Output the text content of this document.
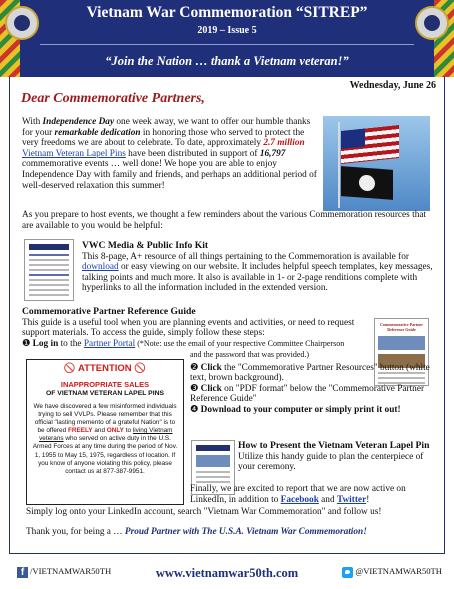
Vietnam War Commemoration “SITREP”
2019 – Issue 5
“Join the Nation … thank a Vietnam veteran!”
Wednesday, June 26
Dear Commemorative Partners,
With Independence Day one week away, we want to offer our humble thanks for your remarkable dedication in honoring those who served to protect the very freedoms we are about to celebrate. To date, approximately 2.7 million Vietnam Veteran Lapel Pins have been distributed in support of 16,797 commemorative events … well done! We hope you are able to enjoy Independence Day with family and friends, and perhaps an additional period of well-deserved relaxation this summer!
As you prepare to host events, we thought a few reminders about the various Commemoration resources that are available to you would be helpful:
VWC Media & Public Info Kit
This 8-page, A+ resource of all things pertaining to the Commemoration is available for download or easy viewing on our website. It includes helpful speech templates, key messages, talking points and much more. It also is available in 1- or 2-page renditions complete with hyperlinks to all the information included in the extended version.
Commemorative Partner Reference Guide
This guide is a useful tool when you are planning events and activities, or need to request support materials. To access the guide, simply follow these steps:
❶ Log in to the Partner Portal (*Note: use the email of your respective Committee Chairperson
Commemorative Partner Reference Guide
🚫 ATTENTION 🚫
INAPPROPRIATE SALES
OF VIETNAM VETERAN LAPEL PINS
We have discovered a few misinformed individuals trying to sell VVLPs. Please remember that this official "lasting memento of a grateful Nation" is to be offered FREELY and ONLY to living Vietnam veterans who served on active duty in the U.S. Armed Forces at any time during the period of Nov. 1, 1955 to May 15, 1975, regardless of location. If you know of anyone violating this policy, please contact us at 877-387-9951.
and the password that was provided.)
❷ Click the "Commemorative Partner Resources" button (white text, brown background).
❸ Click on "PDF format" below the "Commemorative Partner Reference Guide"
❹ Download to your computer or simply print it out!
How to Present the Vietnam Veteran Lapel Pin
Utilize this handy guide to plan the centerpiece of your ceremony.
Finally, we are excited to report that we are now active on LinkedIn, in addition to Facebook and Twitter!
Simply log onto your LinkedIn account, search "Vietnam War Commemoration" and follow us!
Thank you, for being a … Proud Partner with The U.S.A. Vietnam War Commemoration!
f /VIETNAMWAR50TH	www.vietnamwar50th.com	@VIETNAMWAR50TH
